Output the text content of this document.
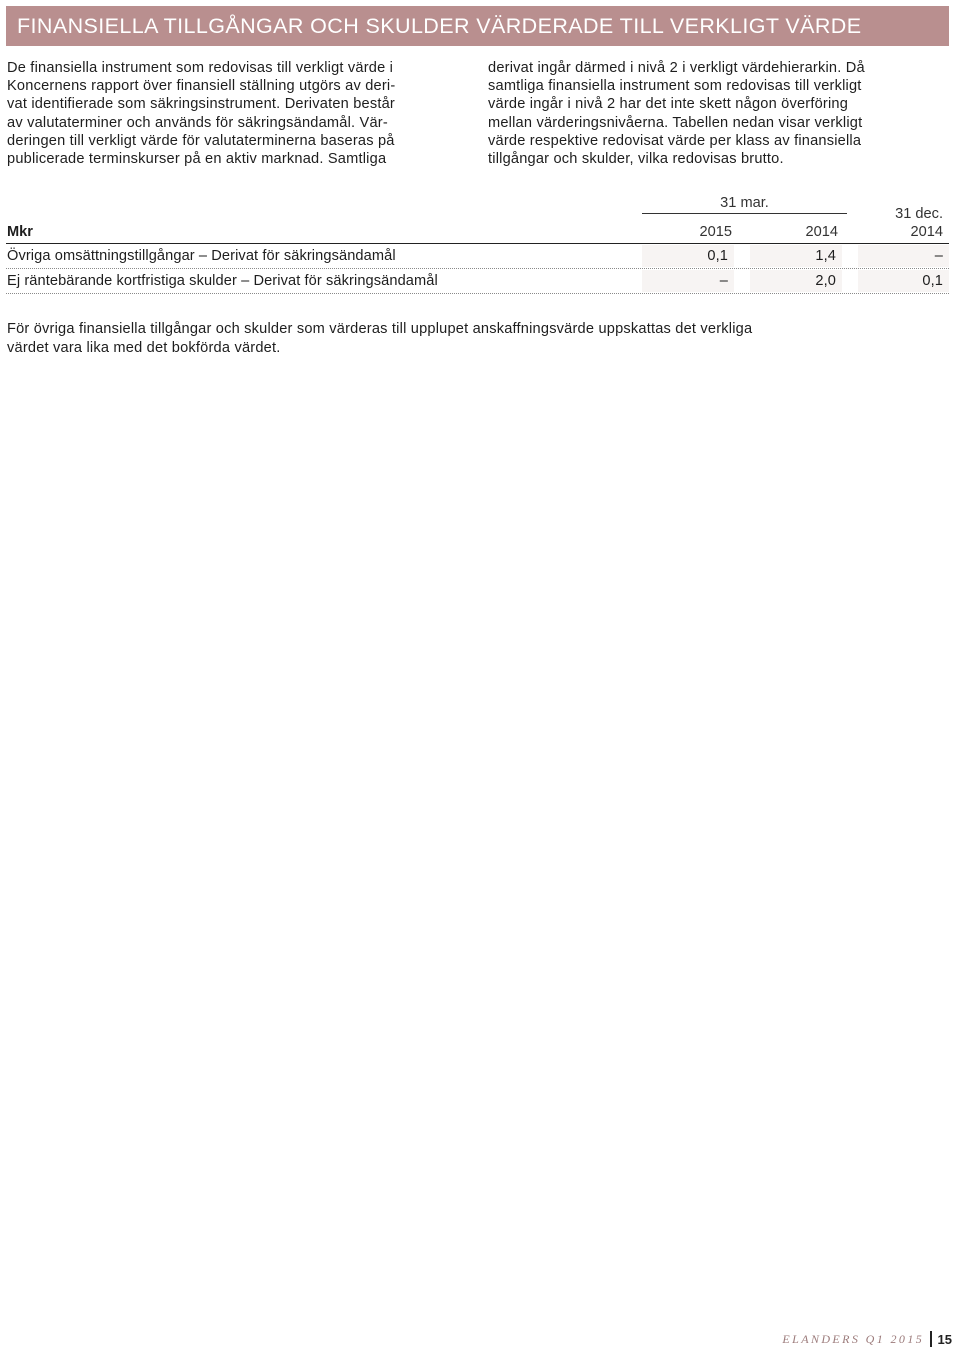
FINANSIELLA TILLGÅNGAR OCH SKULDER VÄRDERADE TILL VERKLIGT VÄRDE

De finansiella instrument som redovisas till verkligt värde i

Koncernens rapport över finansiell ställning utgörs av deri-

vat identifierade som säkringsinstrument. Derivaten består

av valutaterminer och används för säkringsändamål. Vär-

deringen till verkligt värde för valutaterminerna baseras på

publicerade terminskurser på en aktiv marknad. Samtliga

derivat ingår därmed i nivå 2 i verkligt värdehierarkin. Då

samtliga finansiella instrument som redovisas till verkligt

värde ingår i nivå 2 har det inte skett någon överföring

mellan värderingsnivåerna. Tabellen nedan visar verkligt

värde respektive redovisat värde per klass av finansiella

tillgångar och skulder, vilka redovisas brutto.

31 mar.
31 dec.
Mkr	2015	2014	2014
Övriga omsättningstillgångar – Derivat för säkringsändamål	0,1	1,4	–
Ej räntebärande kortfristiga skulder – Derivat för säkringsändamål	–	2,0	0,1

För övriga finansiella tillgångar och skulder som värderas till upplupet anskaffningsvärde uppskattas det verkliga

värdet vara lika med det bokförda värdet.

ELANDERS Q1 2015 15
